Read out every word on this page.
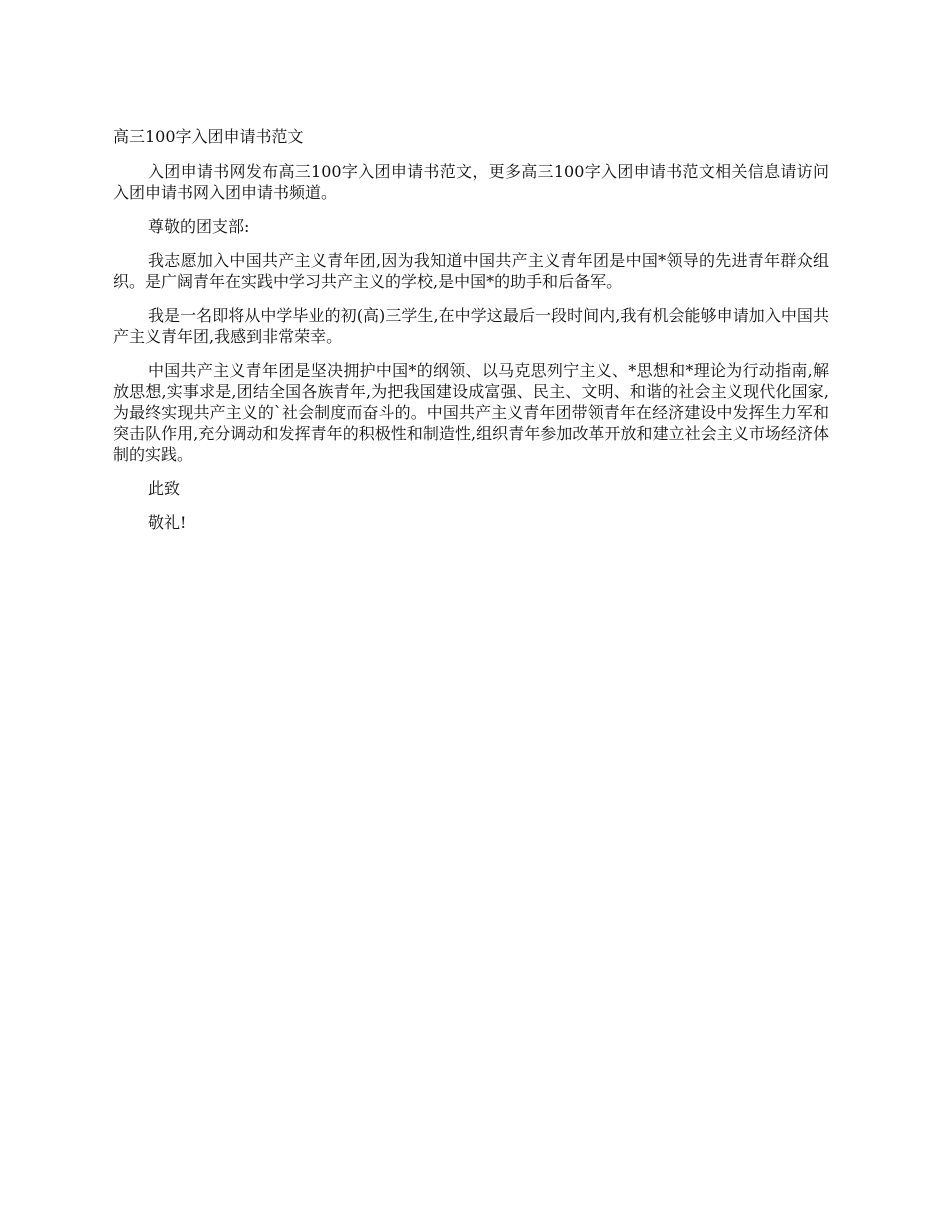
高三100字入团申请书范文

入团申请书网发布高三100字入团申请书范文，更多高三100字入团申请书范文相关信息请访问入团申请书网入团申请书频道。

尊敬的团支部:

我志愿加入中国共产主义青年团,因为我知道中国共产主义青年团是中国*领导的先进青年群众组织。是广阔青年在实践中学习共产主义的学校,是中国*的助手和后备军。

我是一名即将从中学毕业的初(高)三学生,在中学这最后一段时间内,我有机会能够申请加入中国共产主义青年团,我感到非常荣幸。

中国共产主义青年团是坚决拥护中国*的纲领、以马克思列宁主义、*思想和*理论为行动指南,解放思想,实事求是,团结全国各族青年,为把我国建设成富强、民主、文明、和谐的社会主义现代化国家,为最终实现共产主义的`社会制度而奋斗的。中国共产主义青年团带领青年在经济建设中发挥生力军和突击队作用,充分调动和发挥青年的积极性和制造性,组织青年参加改革开放和建立社会主义市场经济体制的实践。

此致

敬礼!
